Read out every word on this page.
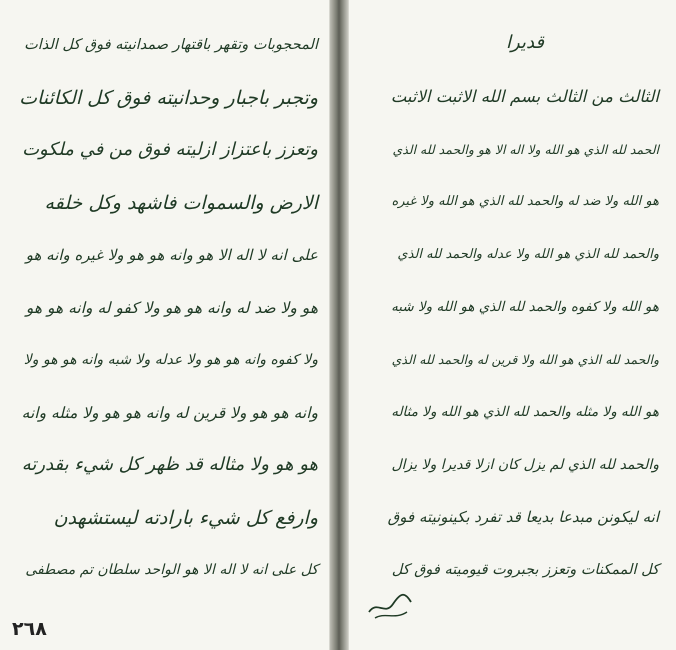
المحجوبات وتقهر باقتهار صمدانيته فوق كل الذات
وتجبر باجبار وحدانيته فوق كل الكائنات
وتعزز باعتزاز ازليته فوق من في ملكوت
الارض والسموات فاشهد وكل خلقه
على انه لا اله الا هو وانه هو هو ولا غيره وانه هو
هو ولا ضد له وانه هو هو ولا كفو له وانه هو هو
ولا كفوه وانه هو هو ولا عدله ولا شبه وانه هو هو ولا
وانه هو هو ولا قرين له وانه هو هو ولا مثله وانه
هو هو ولا مثاله قد ظهر كل شيء بقدرته
وارفع كل شيء بارادته ليستشهدن
كل على انه لا اله الا هو الواحد سلطان تم مصطفى
٢٦٨
قديرا
الثالث من الثالث بسم الله الاثبت الاثبت
الحمد لله الذي هو الله ولا اله الا هو والحمد لله الذي
هو الله ولا ضد له والحمد لله الذي هو الله ولا غيره
والحمد لله الذي هو الله ولا عدله والحمد لله الذي
هو الله ولا كفوه والحمد لله الذي هو الله ولا شبه
والحمد لله الذي هو الله ولا قرين له والحمد لله الذي
هو الله ولا مثله والحمد لله الذي هو الله ولا مثاله
والحمد لله الذي لم يزل كان ازلا قديرا ولا يزال
انه ليكونن مبدعا بديعا قد تفرد بكينونيته فوق
كل الممكنات وتعزز بجبروت قيوميته فوق كل
